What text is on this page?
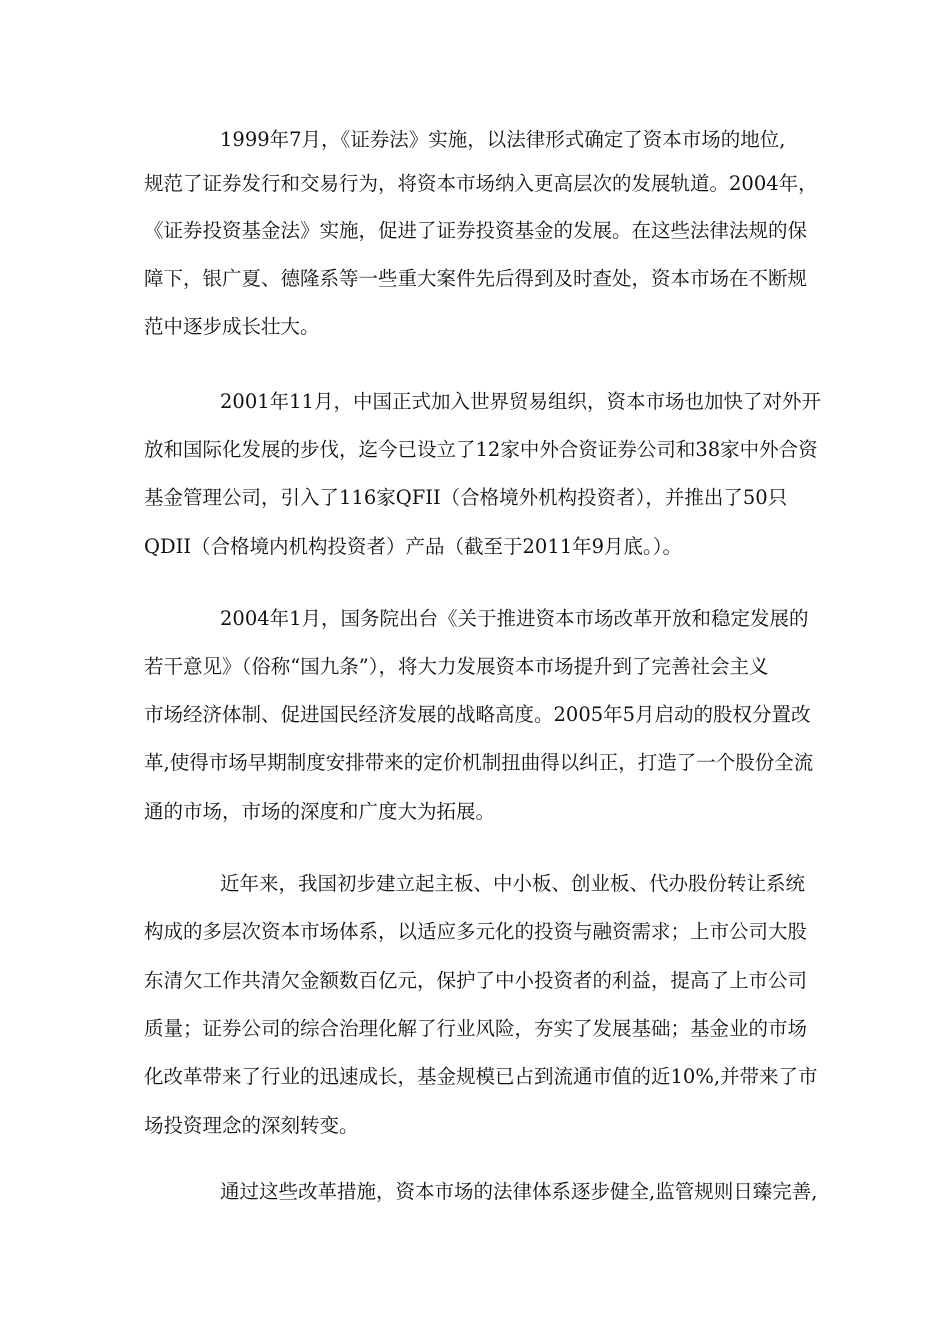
1999年7月，《证券法》实施，以法律形式确定了资本市场的地位,

规范了证券发行和交易行为，将资本市场纳入更高层次的发展轨道。2004年，

《证券投资基金法》实施，促进了证券投资基金的发展。在这些法律法规的保

障下，银广夏、德隆系等一些重大案件先后得到及时查处，资本市场在不断规

范中逐步成长壮大。

2001年11月，中国正式加入世界贸易组织，资本市场也加快了对外开

放和国际化发展的步伐，迄今已设立了12家中外合资证券公司和38家中外合资

基金管理公司，引入了116家QFII（合格境外机构投资者），并推出了50只

QDII（合格境内机构投资者）产品（截至于2011年9月底。）。

2004年1月，国务院出台《关于推进资本市场改革开放和稳定发展的

若干意见》（俗称“国九条”），将大力发展资本市场提升到了完善社会主义

市场经济体制、促进国民经济发展的战略高度。2005年5月启动的股权分置改

革,使得市场早期制度安排带来的定价机制扭曲得以纠正，打造了一个股份全流

通的市场，市场的深度和广度大为拓展。

近年来，我国初步建立起主板、中小板、创业板、代办股份转让系统

构成的多层次资本市场体系，以适应多元化的投资与融资需求；上市公司大股

东清欠工作共清欠金额数百亿元，保护了中小投资者的利益，提高了上市公司

质量；证券公司的综合治理化解了行业风险，夯实了发展基础；基金业的市场

化改革带来了行业的迅速成长，基金规模已占到流通市值的近10%,并带来了市

场投资理念的深刻转变。

通过这些改革措施，资本市场的法律体系逐步健全,监管规则日臻完善,
